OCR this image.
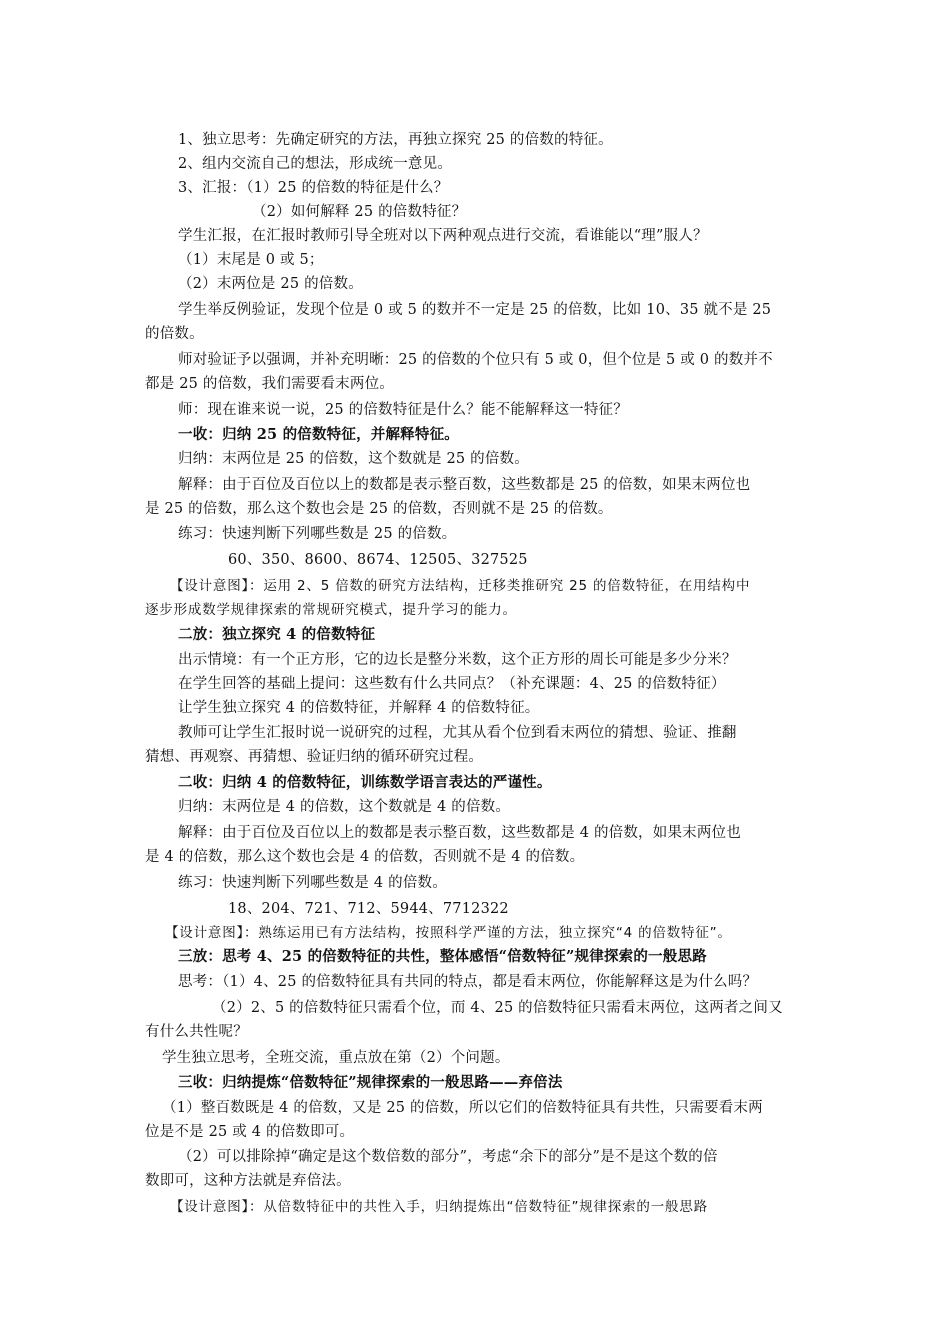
1、独立思考：先确定研究的方法，再独立探究 25 的倍数的特征。

2、组内交流自己的想法，形成统一意见。

3、汇报：（1）25 的倍数的特征是什么？

（2）如何解释 25 的倍数特征？

学生汇报，在汇报时教师引导全班对以下两种观点进行交流，看谁能以“理”服人？

（1）末尾是 0 或 5；

（2）末两位是 25 的倍数。

学生举反例验证，发现个位是 0 或 5 的数并不一定是 25 的倍数，比如 10、35 就不是 25

的倍数。

师对验证予以强调，并补充明晰：25 的倍数的个位只有 5 或 0，但个位是 5 或 0 的数并不

都是 25 的倍数，我们需要看末两位。

师：现在谁来说一说，25 的倍数特征是什么？能不能解释这一特征？

一收：归纳 25 的倍数特征，并解释特征。

归纳：末两位是 25 的倍数，这个数就是 25 的倍数。

解释：由于百位及百位以上的数都是表示整百数，这些数都是 25 的倍数，如果末两位也

是 25 的倍数，那么这个数也会是 25 的倍数，否则就不是 25 的倍数。

练习：快速判断下列哪些数是 25 的倍数。

60、350、8600、8674、12505、327525

【设计意图】：运用 2、5 倍数的研究方法结构，迁移类推研究 25 的倍数特征，在用结构中

逐步形成数学规律探索的常规研究模式，提升学习的能力。

二放：独立探究 4 的倍数特征

出示情境：有一个正方形，它的边长是整分米数，这个正方形的周长可能是多少分米？

在学生回答的基础上提问：这些数有什么共同点？（补充课题：4、25 的倍数特征）

让学生独立探究 4 的倍数特征，并解释 4 的倍数特征。

教师可让学生汇报时说一说研究的过程，尤其从看个位到看末两位的猜想、验证、推翻

猜想、再观察、再猜想、验证归纳的循环研究过程。

二收：归纳 4 的倍数特征，训练数学语言表达的严谨性。

归纳：末两位是 4 的倍数，这个数就是 4 的倍数。

解释：由于百位及百位以上的数都是表示整百数，这些数都是 4 的倍数，如果末两位也

是 4 的倍数，那么这个数也会是 4 的倍数，否则就不是 4 的倍数。

练习：快速判断下列哪些数是 4 的倍数。

18、204、721、712、5944、7712322

【设计意图】：熟练运用已有方法结构，按照科学严谨的方法，独立探究“4 的倍数特征”。

三放：思考 4、25 的倍数特征的共性，整体感悟“倍数特征”规律探索的一般思路

思考：（1）4、25 的倍数特征具有共同的特点，都是看末两位，你能解释这是为什么吗？

（2）2、5 的倍数特征只需看个位，而 4、25 的倍数特征只需看末两位，这两者之间又

有什么共性呢？

学生独立思考，全班交流，重点放在第（2）个问题。

三收：归纳提炼“倍数特征”规律探索的一般思路——弃倍法

（1）整百数既是 4 的倍数，又是 25 的倍数，所以它们的倍数特征具有共性，只需要看末两

位是不是 25 或 4 的倍数即可。

（2）可以排除掉“确定是这个数倍数的部分”，考虑“余下的部分”是不是这个数的倍

数即可，这种方法就是弃倍法。

【设计意图】：从倍数特征中的共性入手，归纳提炼出“倍数特征”规律探索的一般思路
